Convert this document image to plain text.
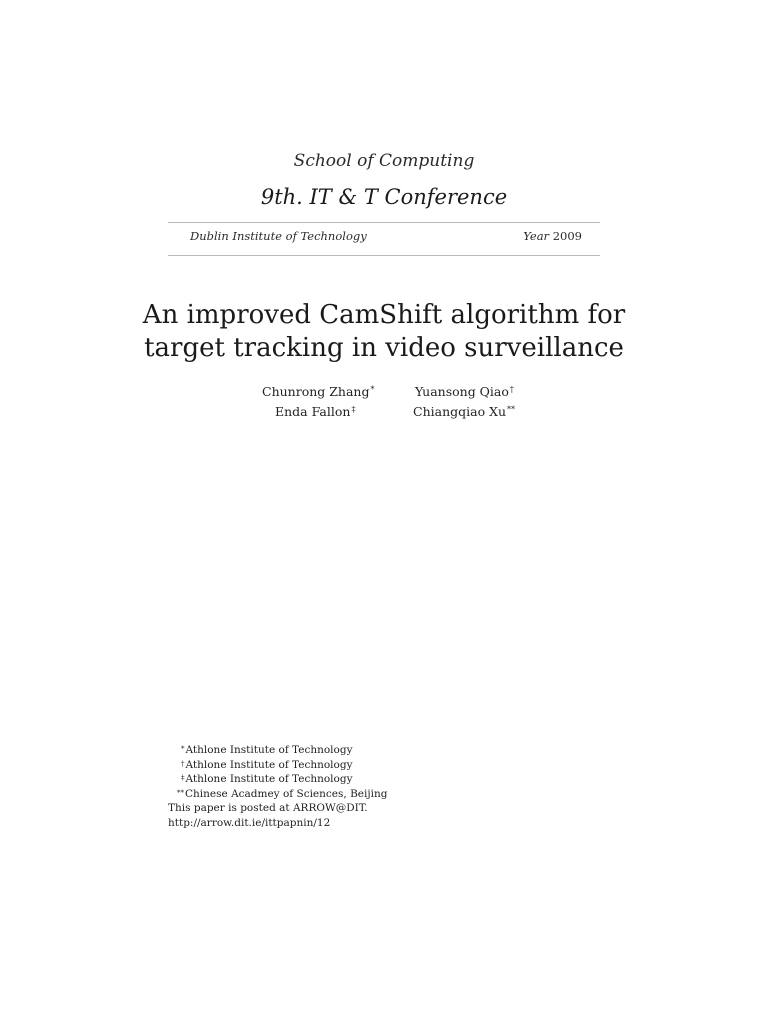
School of Computing
9th. IT & T Conference
Dublin Institute of Technology	Year 2009
An improved CamShift algorithm for
target tracking in video surveillance
Chunrong Zhang*	Yuansong Qiao†
Enda Fallon‡	Chiangqiao Xu**
*Athlone Institute of Technology
†Athlone Institute of Technology
‡Athlone Institute of Technology
**Chinese Acadmey of Sciences, Beijing
This paper is posted at ARROW@DIT.
http://arrow.dit.ie/ittpapnin/12
